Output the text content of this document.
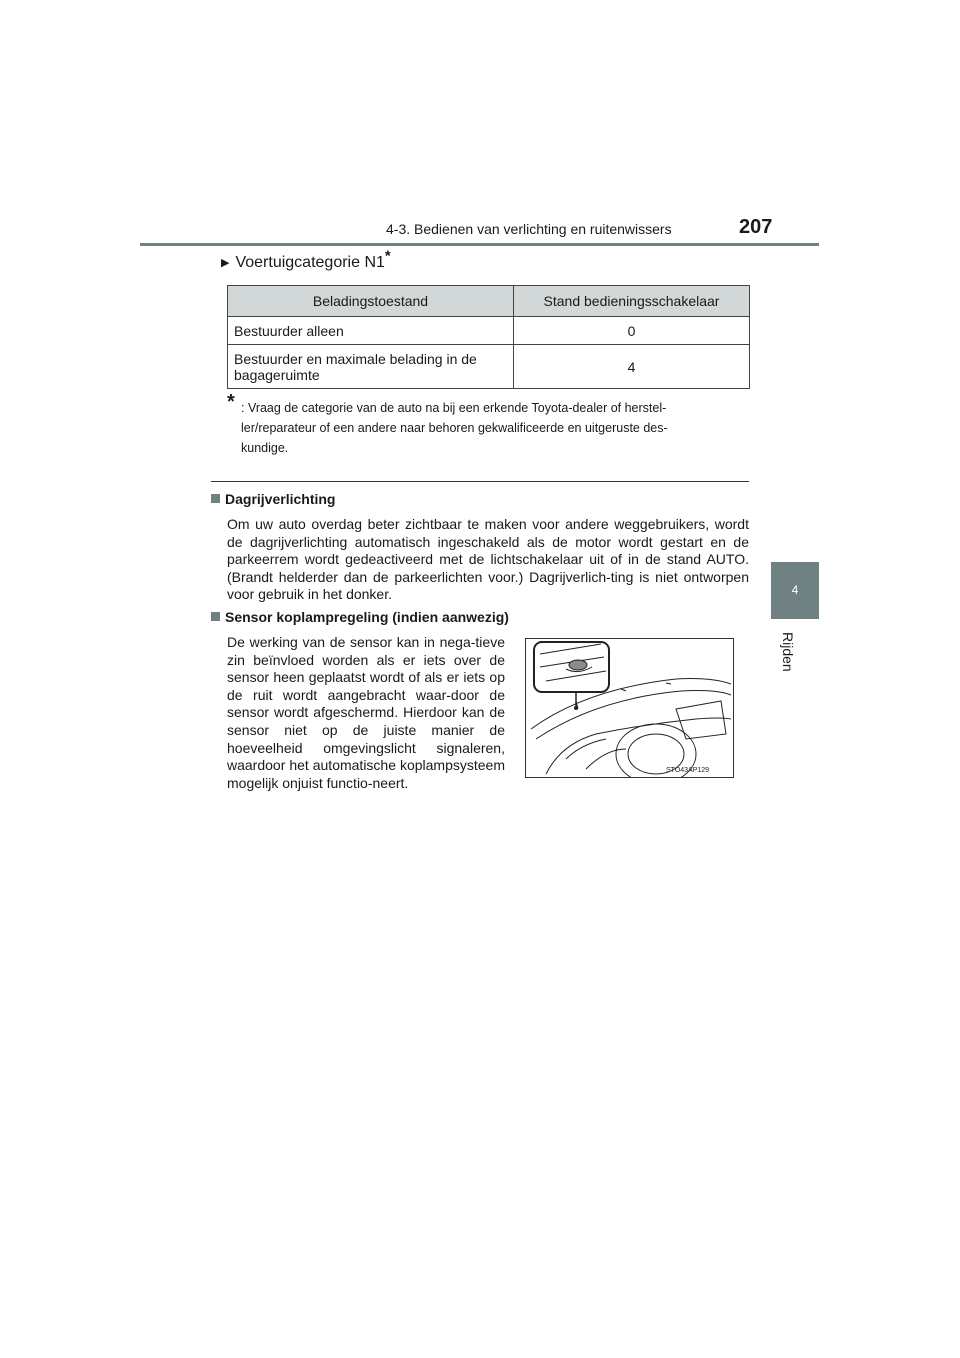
4-3. Bedienen van verlichting en ruitenwissers	207
4
Rijden
▶ Voertuigcategorie N1*
Beladingstoestand	Stand bedieningsschakelaar
Bestuurder alleen	0
Bestuurder en maximale belading in de bagageruimte	4
* : Vraag de categorie van de auto na bij een erkende Toyota-dealer of herstel-
ler/reparateur of een andere naar behoren gekwalificeerde en uitgeruste des-
kundige.
Dagrijverlichting
Om uw auto overdag beter zichtbaar te maken voor andere weggebruikers, wordt de dagrijverlichting automatisch ingeschakeld als de motor wordt gestart en de parkeerrem wordt gedeactiveerd met de lichtschakelaar uit of in de stand AUTO. (Brandt helderder dan de parkeerlichten voor.) Dagrijverlich-ting is niet ontworpen voor gebruik in het donker.
Sensor koplampregeling (indien aanwezig)
De werking van de sensor kan in nega-tieve zin beïnvloed worden als er iets over de sensor heen geplaatst wordt of als er iets op de ruit wordt aangebracht waar-door de sensor wordt afgeschermd. Hierdoor kan de sensor niet op de juiste manier de hoeveelheid omgevingslicht signaleren, waardoor het automatische koplampsysteem mogelijk onjuist functio-neert.
STO43AP129
